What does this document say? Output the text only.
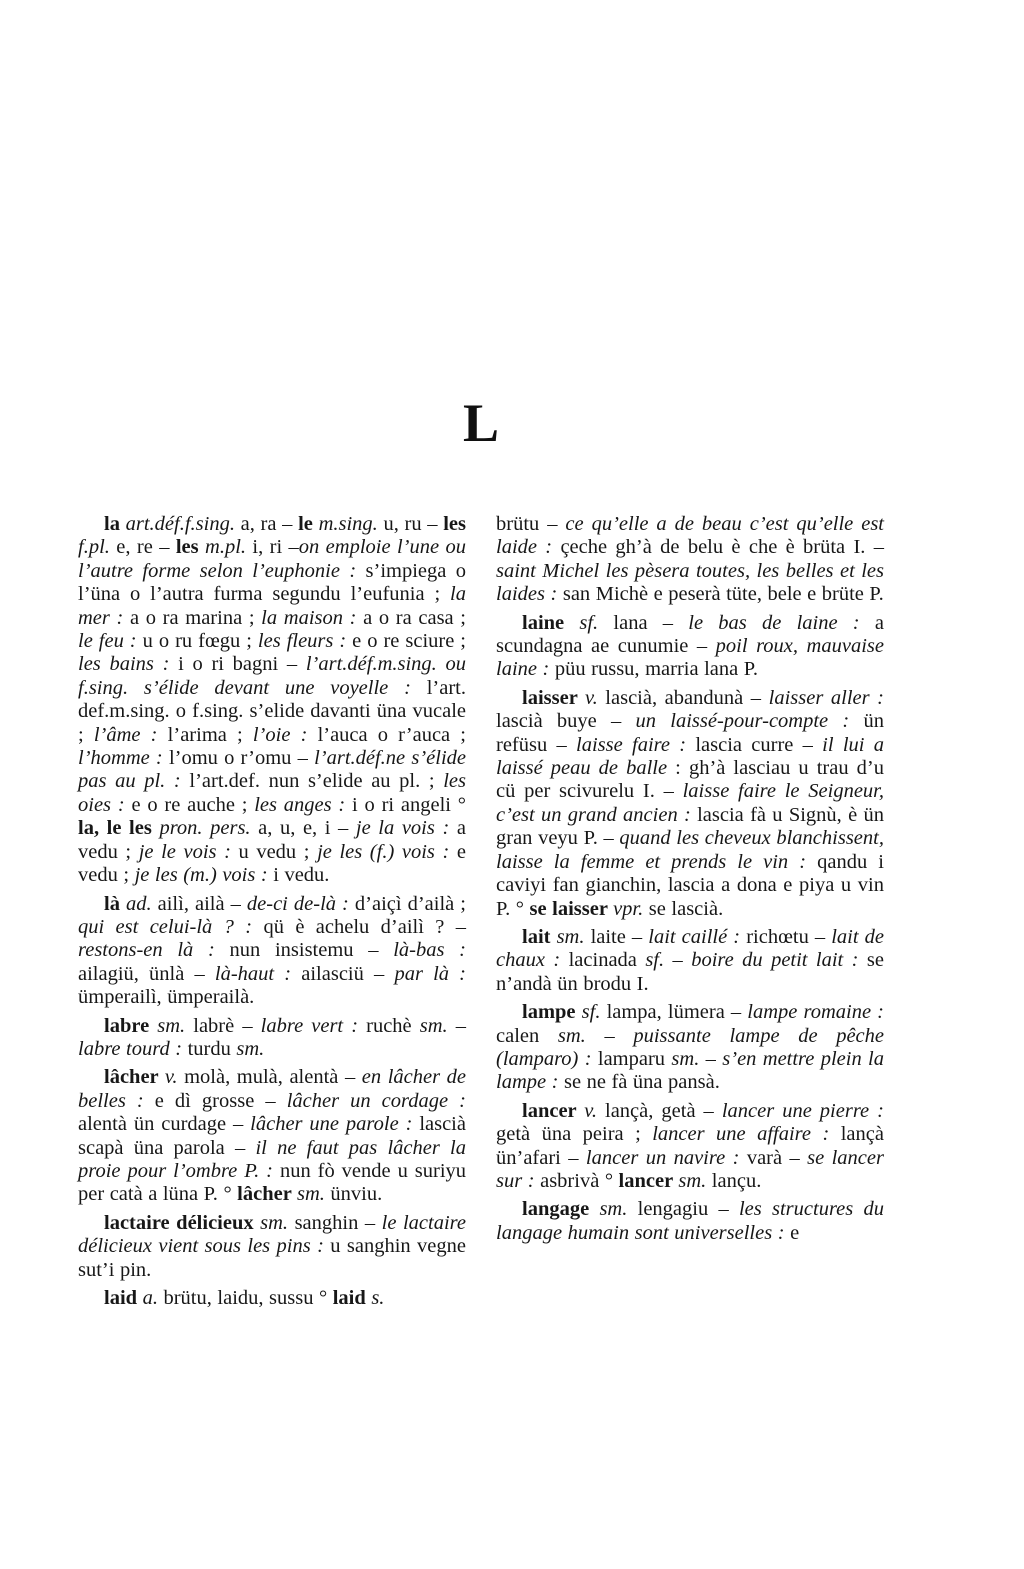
L

la art.déf.f.sing. a, ra – le m.sing. u, ru – les f.pl. e, re – les m.pl. i, ri –on emploie l’une ou l’autre forme selon l’euphonie : s’impiega o l’üna o l’autra furma segundu l’eufunia ; la mer : a o ra marina ; la maison : a o ra casa ; le feu : u o ru fœgu ; les fleurs : e o re sciure ; les bains : i o ri bagni – l’art.déf.m.sing. ou f.sing. s’élide devant une voyelle : l’art. def.m.sing. o f.sing. s’elide davanti üna vucale ; l’âme : l’arima ; l’oie : l’auca o r’auca ; l’homme : l’omu o r’omu – l’art.déf.ne s’élide pas au pl. : l’art.def. nun s’elide au pl. ; les oies : e o re auche ; les anges : i o ri angeli ° la, le les pron. pers. a, u, e, i – je la vois : a vedu ; je le vois : u vedu ; je les (f.) vois : e vedu ; je les (m.) vois : i vedu.

là ad. ailì, ailà – de-ci de-là : d’aiçì d’ailà ; qui est celui-là ? : qü è achelu d’ailì ? – restons-en là : nun insistemu – là-bas : ailagiü, ünlà – là-haut : ailasciü – par là : ümperailì, ümperailà.

labre sm. labrè – labre vert : ruchè sm. – labre tourd : turdu sm.

lâcher v. molà, mulà, alentà – en lâcher de belles : e dì grosse – lâcher un cordage : alentà ün curdage – lâcher une parole : lascià scapà üna parola – il ne faut pas lâcher la proie pour l’ombre P. : nun fò vende u suriyu per catà a lüna P. ° lâcher sm. ünviu.

lactaire délicieux sm. sanghin – le lactaire délicieux vient sous les pins : u sanghin vegne sut’i pin.

laid a. brütu, laidu, sussu ° laid s.

brütu – ce qu’elle a de beau c’est qu’elle est laide : çeche gh’à de belu è che è brüta I. – saint Michel les pèsera toutes, les belles et les laides : san Michè e peserà tüte, bele e brüte P.

laine sf. lana – le bas de laine : a scundagna ae cunumie – poil roux, mauvaise laine : püu russu, marria lana P.

laisser v. lascià, abandunà – laisser aller : lascià buye – un laissé-pour-compte : ün refüsu – laisse faire : lascia curre – il lui a laissé peau de balle : gh’à lasciau u trau d’u cü per scivurelu I. – laisse faire le Seigneur, c’est un grand ancien : lascia fà u Signù, è ün gran veyu P. – quand les cheveux blanchissent, laisse la femme et prends le vin : qandu i caviyi fan gianchin, lascia a dona e piya u vin P. ° se laisser vpr. se lascià.

lait sm. laite – lait caillé : richœtu – lait de chaux : lacinada sf. – boire du petit lait : se n’andà ün brodu I.

lampe sf. lampa, lümera – lampe romaine : calen sm. – puissante lampe de pêche (lamparo) : lamparu sm. – s’en mettre plein la lampe : se ne fà üna pansà.

lancer v. lançà, getà – lancer une pierre : getà üna peira ; lancer une affaire : lançà ün’afari – lancer un navire : varà – se lancer sur : asbrivà ° lancer sm. lançu.

langage sm. lengagiu – les structures du langage humain sont universelles : e
